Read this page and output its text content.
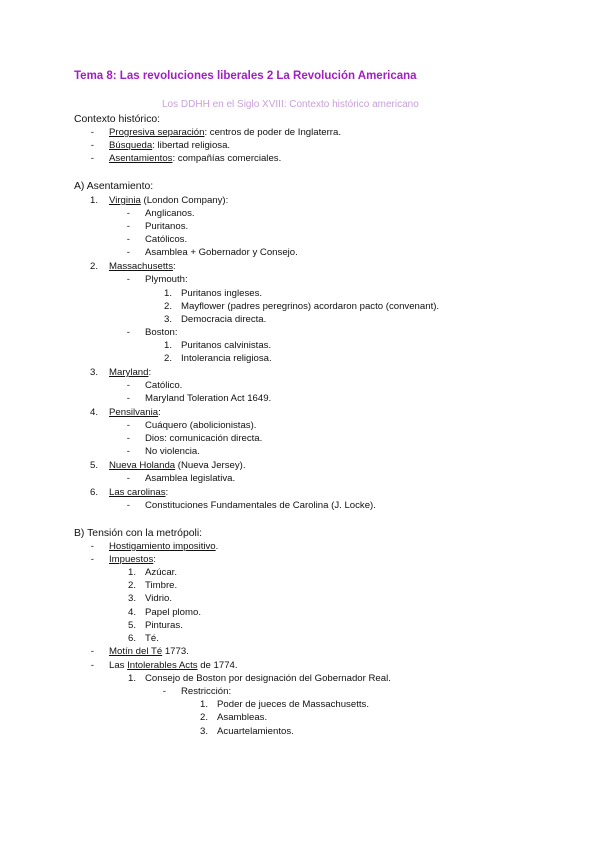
Tema 8: Las revoluciones liberales 2 La Revolución Americana
Los DDHH en el Siglo XVIII: Contexto histórico americano
Contexto histórico:
- Progresiva separación: centros de poder de Inglaterra.
- Búsqueda: libertad religiosa.
- Asentamientos: compañías comerciales.
A) Asentamiento:
1. Virginia (London Company):
- Anglicanos.
- Puritanos.
- Católicos.
- Asamblea + Gobernador y Consejo.
2. Massachusetts:
- Plymouth:
1. Puritanos ingleses.
2. Mayflower (padres peregrinos) acordaron pacto (convenant).
3. Democracia directa.
- Boston:
1. Puritanos calvinistas.
2. Intolerancia religiosa.
3. Maryland:
- Católico.
- Maryland Toleration Act 1649.
4. Pensilvania:
- Cuáquero (abolicionistas).
- Dios: comunicación directa.
- No violencia.
5. Nueva Holanda (Nueva Jersey).
- Asamblea legislativa.
6. Las carolinas:
- Constituciones Fundamentales de Carolina (J. Locke).
B) Tensión con la metrópoli:
- Hostigamiento impositivo.
- Impuestos:
1. Azúcar.
2. Timbre.
3. Vidrio.
4. Papel plomo.
5. Pinturas.
6. Té.
- Motín del Té 1773.
- Las Intolerables Acts de 1774.
1. Consejo de Boston por designación del Gobernador Real.
- Restricción:
1. Poder de jueces de Massachusetts.
2. Asambleas.
3. Acuartelamientos.
